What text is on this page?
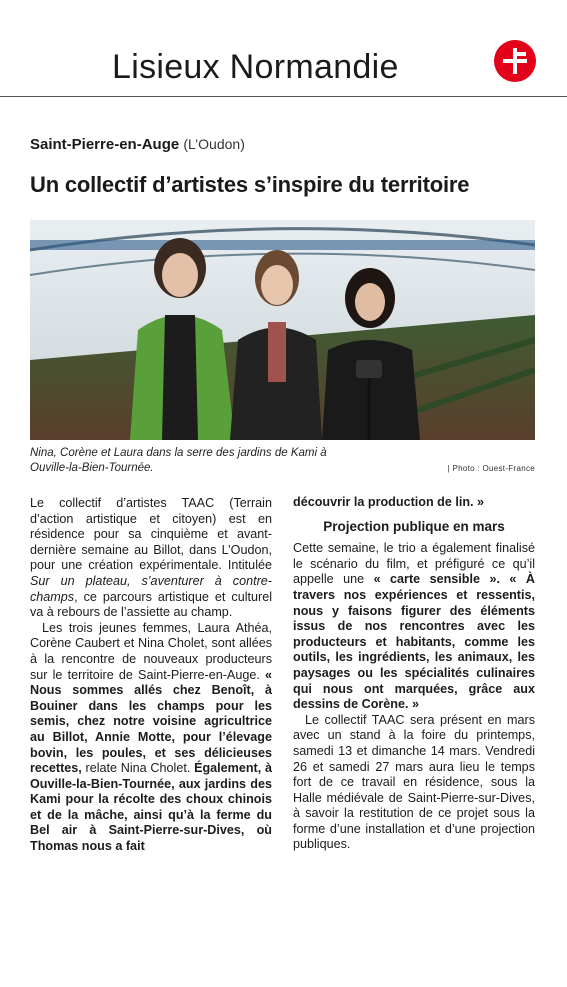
Lisieux Normandie
Saint-Pierre-en-Auge (L’Oudon)
Un collectif d’artistes s’inspire du territoire
Nina, Corène et Laura dans la serre des jardins de Kami à
Ouville-la-Bien-Tournée.	| Photo : Ouest-France

Le collectif d’artistes TAAC (Terrain d’action artistique et citoyen) est en résidence pour sa cinquième et avant-dernière semaine au Billot, dans L’Oudon, pour une création expérimentale. Intitulée Sur un plateau, s’aventurer à contre-champs, ce parcours artistique et culturel va à rebours de l’assiette au champ.

Les trois jeunes femmes, Laura Athéa, Corène Caubert et Nina Cholet, sont allées à la rencontre de nouveaux producteurs sur le territoire de Saint-Pierre-en-Auge. « Nous sommes allés chez Benoît, à Bouiner dans les champs pour les semis, chez notre voisine agricultrice au Billot, Annie Motte, pour l’élevage bovin, les poules, et ses délicieuses recettes, relate Nina Cholet. Également, à Ouville-la-Bien-Tournée, aux jardins des Kami pour la récolte des choux chinois et de la mâche, ainsi qu’à la ferme du Bel air à Saint-Pierre-sur-Dives, où Thomas nous a fait

découvrir la production de lin. »

Projection publique en mars

Cette semaine, le trio a également finalisé le scénario du film, et préfiguré ce qu’il appelle une « carte sensible ». « À travers nos expériences et ressentis, nous y faisons figurer des éléments issus de nos rencontres avec les producteurs et habitants, comme les outils, les ingrédients, les animaux, les paysages ou les spécialités culinaires qui nous ont marquées, grâce aux dessins de Corène. »

Le collectif TAAC sera présent en mars avec un stand à la foire du printemps, samedi 13 et dimanche 14 mars. Vendredi 26 et samedi 27 mars aura lieu le temps fort de ce travail en résidence, sous la Halle médiévale de Saint-Pierre-sur-Dives, à savoir la restitution de ce projet sous la forme d’une installation et d’une projection publiques.
